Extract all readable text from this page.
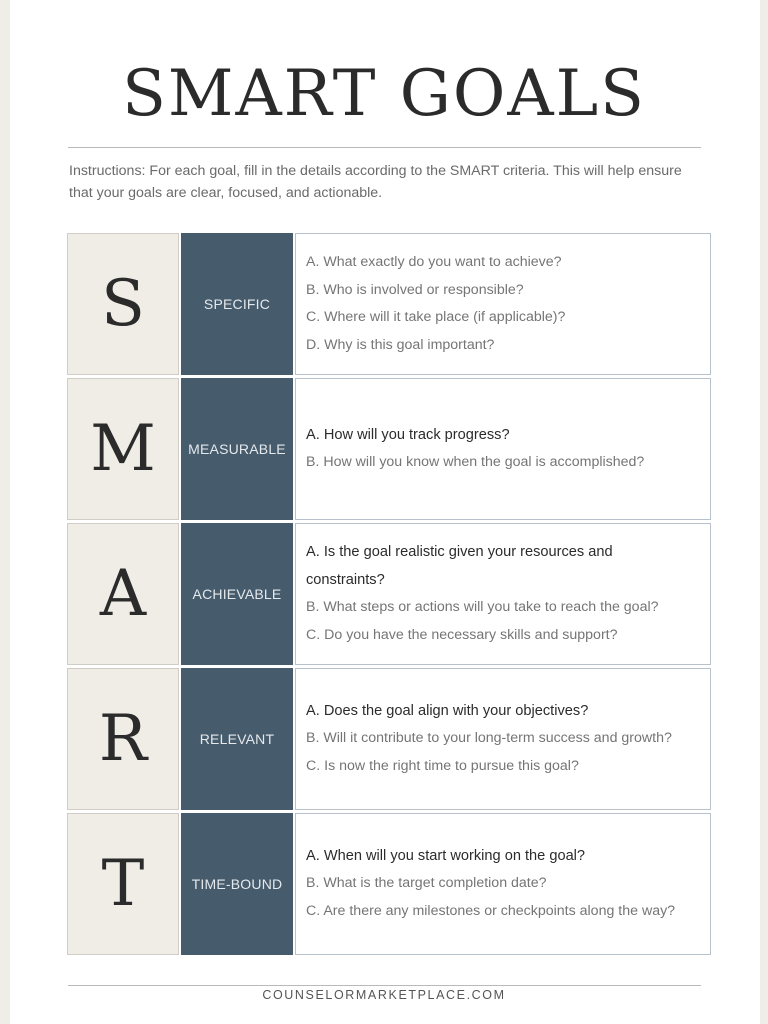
SMART GOALS

Instructions: For each goal, fill in the details according to the SMART criteria. This will help ensure that your goals are clear, focused, and actionable.

S	SPECIFIC
A. What exactly do you want to achieve?
B. Who is involved or responsible?
C. Where will it take place (if applicable)?
D. Why is this goal important?
M	MEASURABLE
A. How will you track progress?
B. How will you know when the goal is accomplished?
A	ACHIEVABLE
A. Is the goal realistic given your resources and constraints?
B. What steps or actions will you take to reach the goal?
C. Do you have the necessary skills and support?
R	RELEVANT
A. Does the goal align with your objectives?
B. Will it contribute to your long-term success and growth?
C. Is now the right time to pursue this goal?
T	TIME-BOUND
A. When will you start working on the goal?
B. What is the target completion date?
C. Are there any milestones or checkpoints along the way?
COUNSELORMARKETPLACE.COM
